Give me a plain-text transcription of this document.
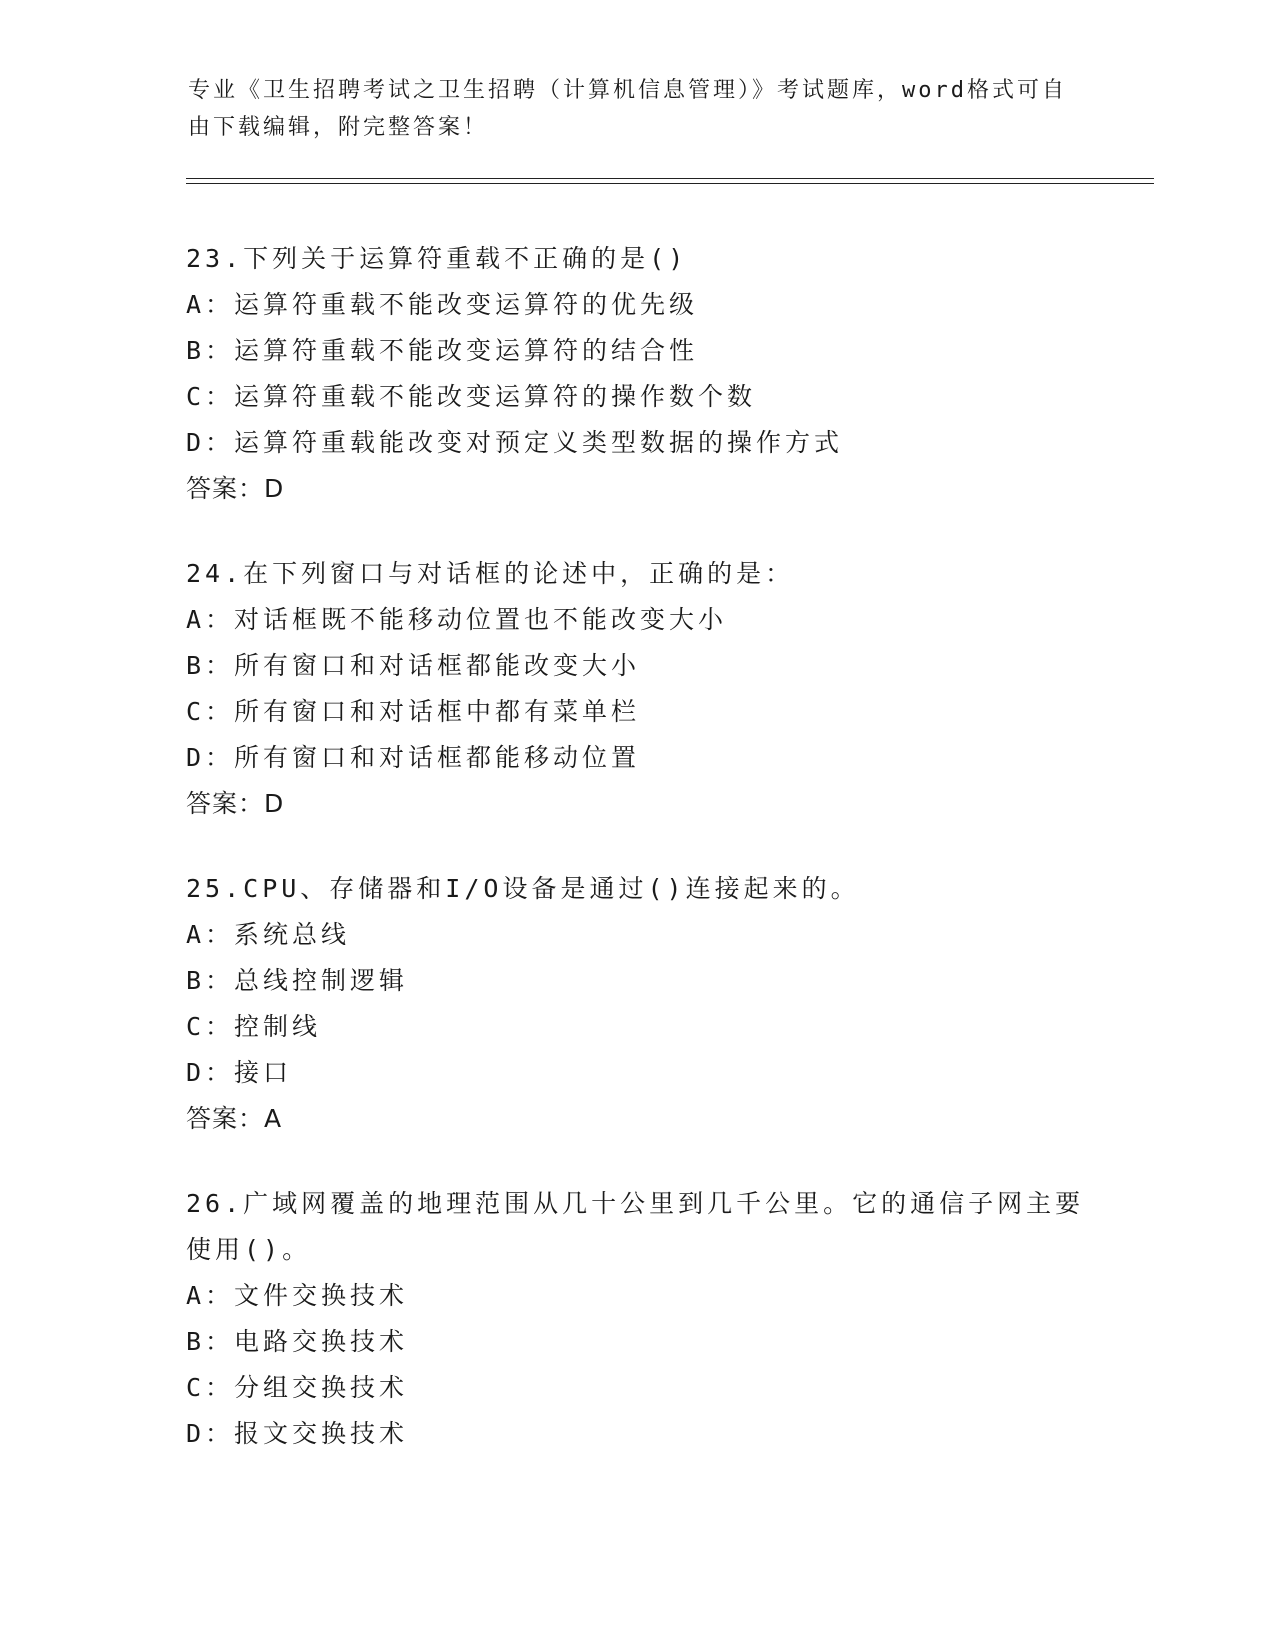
专业《卫生招聘考试之卫生招聘（计算机信息管理）》考试题库，word格式可自
由下载编辑，附完整答案！
23.下列关于运算符重载不正确的是()
A：运算符重载不能改变运算符的优先级
B：运算符重载不能改变运算符的结合性
C：运算符重载不能改变运算符的操作数个数
D：运算符重载能改变对预定义类型数据的操作方式
答案：D
24.在下列窗口与对话框的论述中，正确的是：
A：对话框既不能移动位置也不能改变大小
B：所有窗口和对话框都能改变大小
C：所有窗口和对话框中都有菜单栏
D：所有窗口和对话框都能移动位置
答案：D
25.CPU、存储器和I/O设备是通过()连接起来的。
A：系统总线
B：总线控制逻辑
C：控制线
D：接口
答案：A
26.广域网覆盖的地理范围从几十公里到几千公里。它的通信子网主要使用()。
A：文件交换技术
B：电路交换技术
C：分组交换技术
D：报文交换技术
